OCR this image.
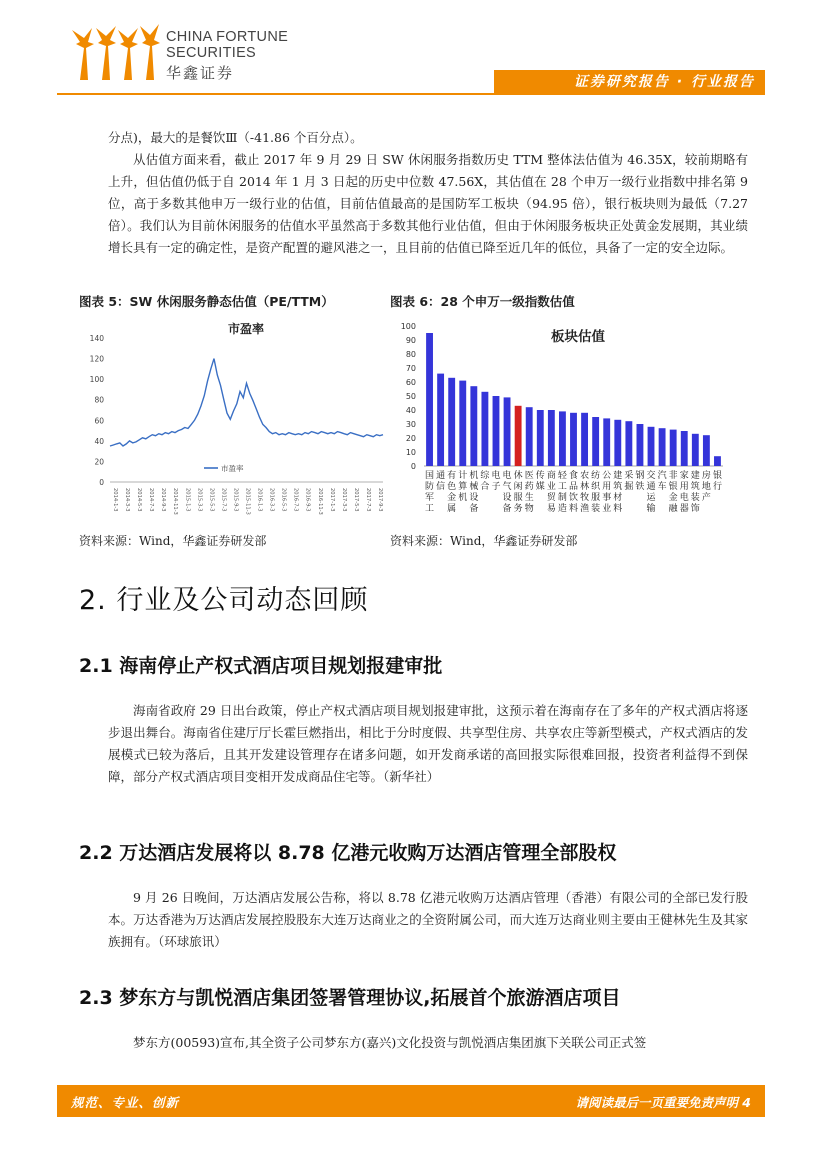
CHINA FORTUNE
SECURITIES
华鑫证券	证券研究报告 · 行业报告

分点)，最大的是餐饮Ⅲ（-41.86 个百分点）。

从估值方面来看，截止 2017 年 9 月 29 日 SW 休闲服务指数历史 TTM 整体法估值为 46.35X，较前期略有上升，但估值仍低于自 2014 年 1 月 3 日起的历史中位数 47.56X，其估值在 28 个申万一级行业指数中排名第 9 位，高于多数其他申万一级行业的估值，目前估值最高的是国防军工板块（94.95 倍），银行板块则为最低（7.27 倍）。我们认为目前休闲服务的估值水平虽然高于多数其他行业估值，但由于休闲服务板块正处黄金发展期，其业绩增长具有一定的确定性，是资产配置的避风港之一，且目前的估值已降至近几年的低位，具备了一定的安全边际。

图表 5：SW 休闲服务静态估值（PE/TTM）
市盈率
0
20
40
60
80
100
120
140
2014-1-3 2014-3-3 2014-5-3 2014-7-3 2014-9-3 2014-11-3 2015-1-3 2015-3-3 2015-5-3 2015-7-3 2015-9-3 2015-11-3 2016-1-3 2016-3-3 2016-5-3 2016-7-3 2016-9-3 2016-11-3 2017-1-3 2017-3-3 2017-5-3 2017-7-3 2017-9-3
市盈率
资料来源：Wind，华鑫证券研发部
图表 6：28 个申万一级指数估值
0
10
20
30
40
50
60
70
80
90
100
板块估值
国
防
军
工
通
信
有
色
金
属
计
算
机
机
械
设
备
综
合
电
子
电
气
设
备
休
闲
服
务
医
药
生
物
传
媒
商
业
贸
易
轻
工
制
造
食
品
饮
料
农
林
牧
渔
纺
织
服
装
公
用
事
业
建
筑
材
料
采
掘
钢
铁
交
通
运
输
汽
车
非
银
金
融
家
用
电
器
建
筑
装
饰
房
地
产
银
行
资料来源：Wind，华鑫证券研发部
2. 行业及公司动态回顾
2.1 海南停止产权式酒店项目规划报建审批

海南省政府 29 日出台政策，停止产权式酒店项目规划报建审批，这预示着在海南存在了多年的产权式酒店将逐步退出舞台。海南省住建厅厅长霍巨燃指出，相比于分时度假、共享型住房、共享农庄等新型模式，产权式酒店的发展模式已较为落后，且其开发建设管理存在诸多问题，如开发商承诺的高回报实际很难回报，投资者利益得不到保障，部分产权式酒店项目变相开发成商品住宅等。（新华社）

2.2 万达酒店发展将以 8.78 亿港元收购万达酒店管理全部股权

9 月 26 日晚间，万达酒店发展公告称，将以 8.78 亿港元收购万达酒店管理（香港）有限公司的全部已发行股本。万达香港为万达酒店发展控股股东大连万达商业之的全资附属公司，而大连万达商业则主要由王健林先生及其家族拥有。（环球旅讯）

2.3 梦东方与凯悦酒店集团签署管理协议,拓展首个旅游酒店项目

梦东方(00593)宣布,其全资子公司梦东方(嘉兴)文化投资与凯悦酒店集团旗下关联公司正式签

规范、专业、创新	请阅读最后一页重要免责声明 4
